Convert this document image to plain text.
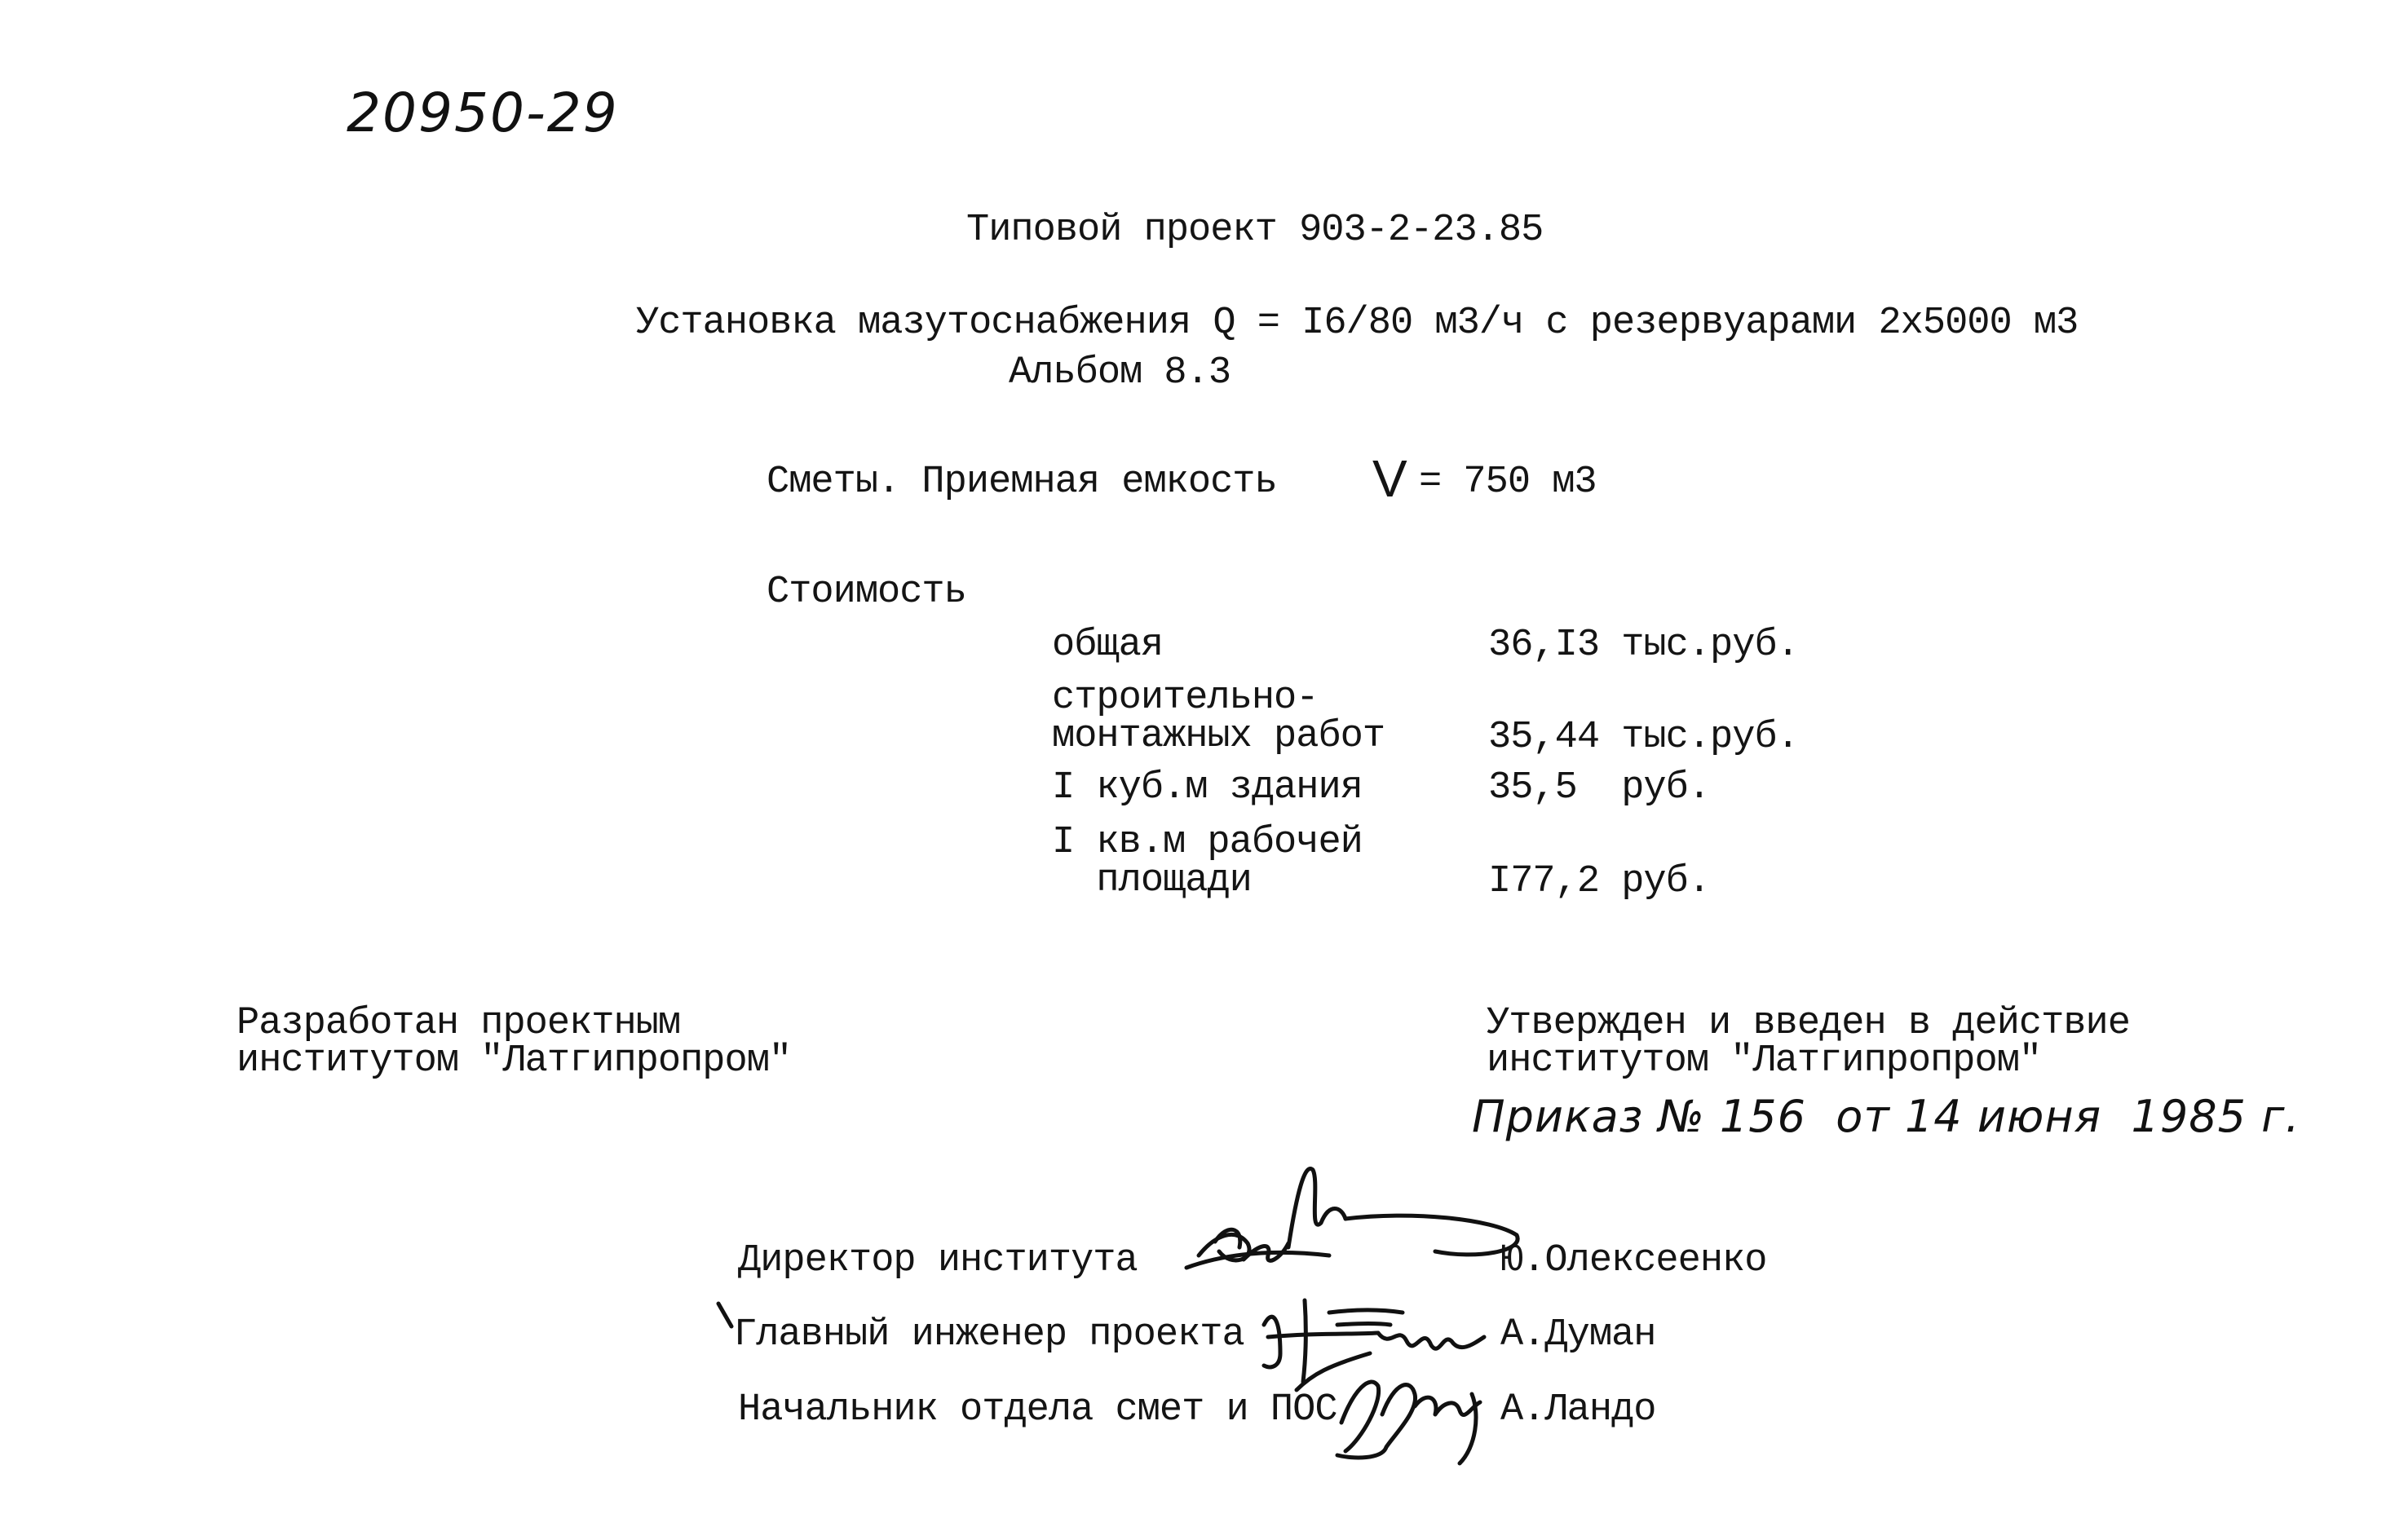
20950-29
Типовой проект 903-2-23.85
Установка мазутоснабжения Q = I6/80 м3/ч с резервуарами 2х5000 м3
Альбом 8.3
Сметы. Приемная емкость V = 750 м3
Стоимость
общая	36,I3 тыс.руб.
строительно-
монтажных работ	35,44 тыс.руб.
I куб.м здания	35,5  руб.
I кв.м рабочей
площади	I77,2 руб.
Разработан проектным
институтом "Латгипропром"
Утвержден и введен в действие
институтом "Латгипропром"
Приказ № 156  от 14 июня  1985 г.
Директор института	Ю.Олексеенко
Главный инженер проекта	А.Думан
Начальник отдела смет и ПОС	А.Ландо
